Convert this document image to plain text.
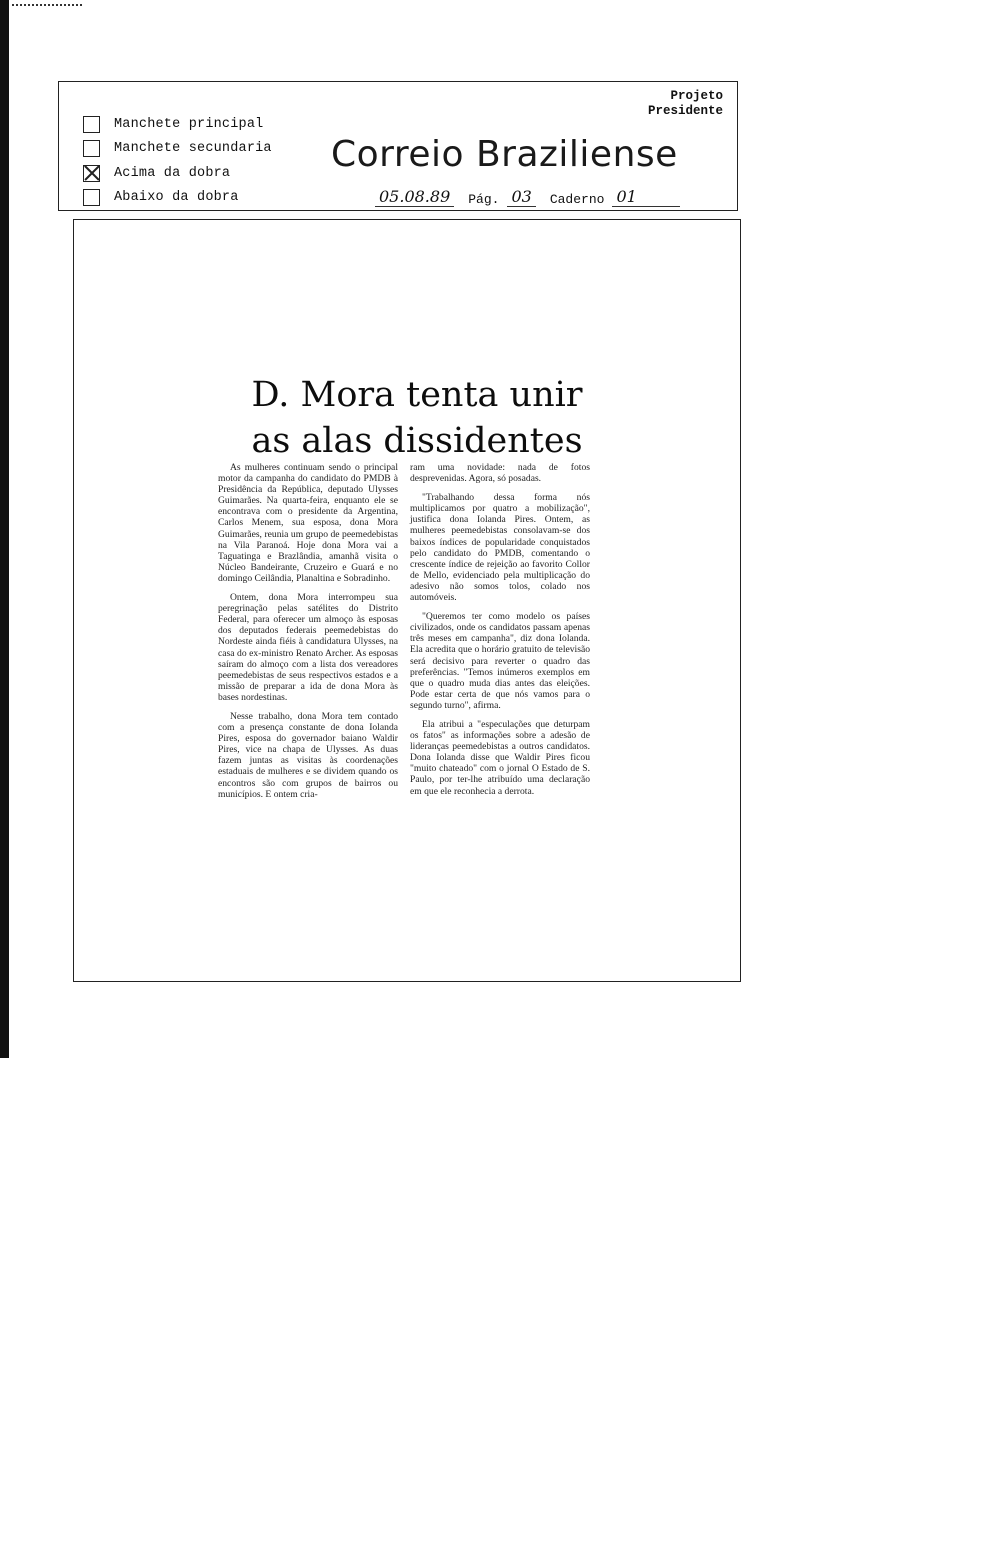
Manchete principal
Manchete secundaria
Acima da dobra
Abaixo da dobra
Projeto
Presidente
Correio Braziliense
05.08.89	Pág. 03	Caderno 01
D. Mora tenta unir
as alas dissidentes

As mulheres continuam sendo o principal motor da campanha do candidato do PMDB à Presidência da República, deputado Ulysses Guimarães. Na quarta-feira, enquanto ele se encontrava com o presidente da Argentina, Carlos Menem, sua esposa, dona Mora Guimarães, reunia um grupo de peemedebistas na Vila Paranoá. Hoje dona Mora vai a Taguatinga e Brazlândia, amanhã visita o Núcleo Bandeirante, Cruzeiro e Guará e no domingo Ceilândia, Planaltina e Sobradinho.

Ontem, dona Mora interrompeu sua peregrinação pelas satélites do Distrito Federal, para oferecer um almoço às esposas dos deputados federais peemedebistas do Nordeste ainda fiéis à candidatura Ulysses, na casa do ex-ministro Renato Archer. As esposas saíram do almoço com a lista dos vereadores peemedebistas de seus respectivos estados e a missão de preparar a ida de dona Mora às bases nordestinas.

Nesse trabalho, dona Mora tem contado com a presença constante de dona Iolanda Pires, esposa do governador baiano Waldir Pires, vice na chapa de Ulysses. As duas fazem juntas as visitas às coordenações estaduais de mulheres e se dividem quando os encontros são com grupos de bairros ou municípios. E ontem cria-

ram uma novidade: nada de fotos desprevenidas. Agora, só posadas.

"Trabalhando dessa forma nós multiplicamos por quatro a mobilização", justifica dona Iolanda Pires. Ontem, as mulheres peemedebistas consolavam-se dos baixos índices de popularidade conquistados pelo candidato do PMDB, comentando o crescente índice de rejeição ao favorito Collor de Mello, evidenciado pela multiplicação do adesivo não somos tolos, colado nos automóveis.

"Queremos ter como modelo os países civilizados, onde os candidatos passam apenas três meses em campanha", diz dona Iolanda. Ela acredita que o horário gratuito de televisão será decisivo para reverter o quadro das preferências. "Temos inúmeros exemplos em que o quadro muda dias antes das eleições. Pode estar certa de que nós vamos para o segundo turno", afirma.

Ela atribui a "especulações que deturpam os fatos" as informações sobre a adesão de lideranças peemedebistas a outros candidatos. Dona Iolanda disse que Waldir Pires ficou "muito chateado" com o jornal O Estado de S. Paulo, por ter-lhe atribuído uma declaração em que ele reconhecia a derrota.
